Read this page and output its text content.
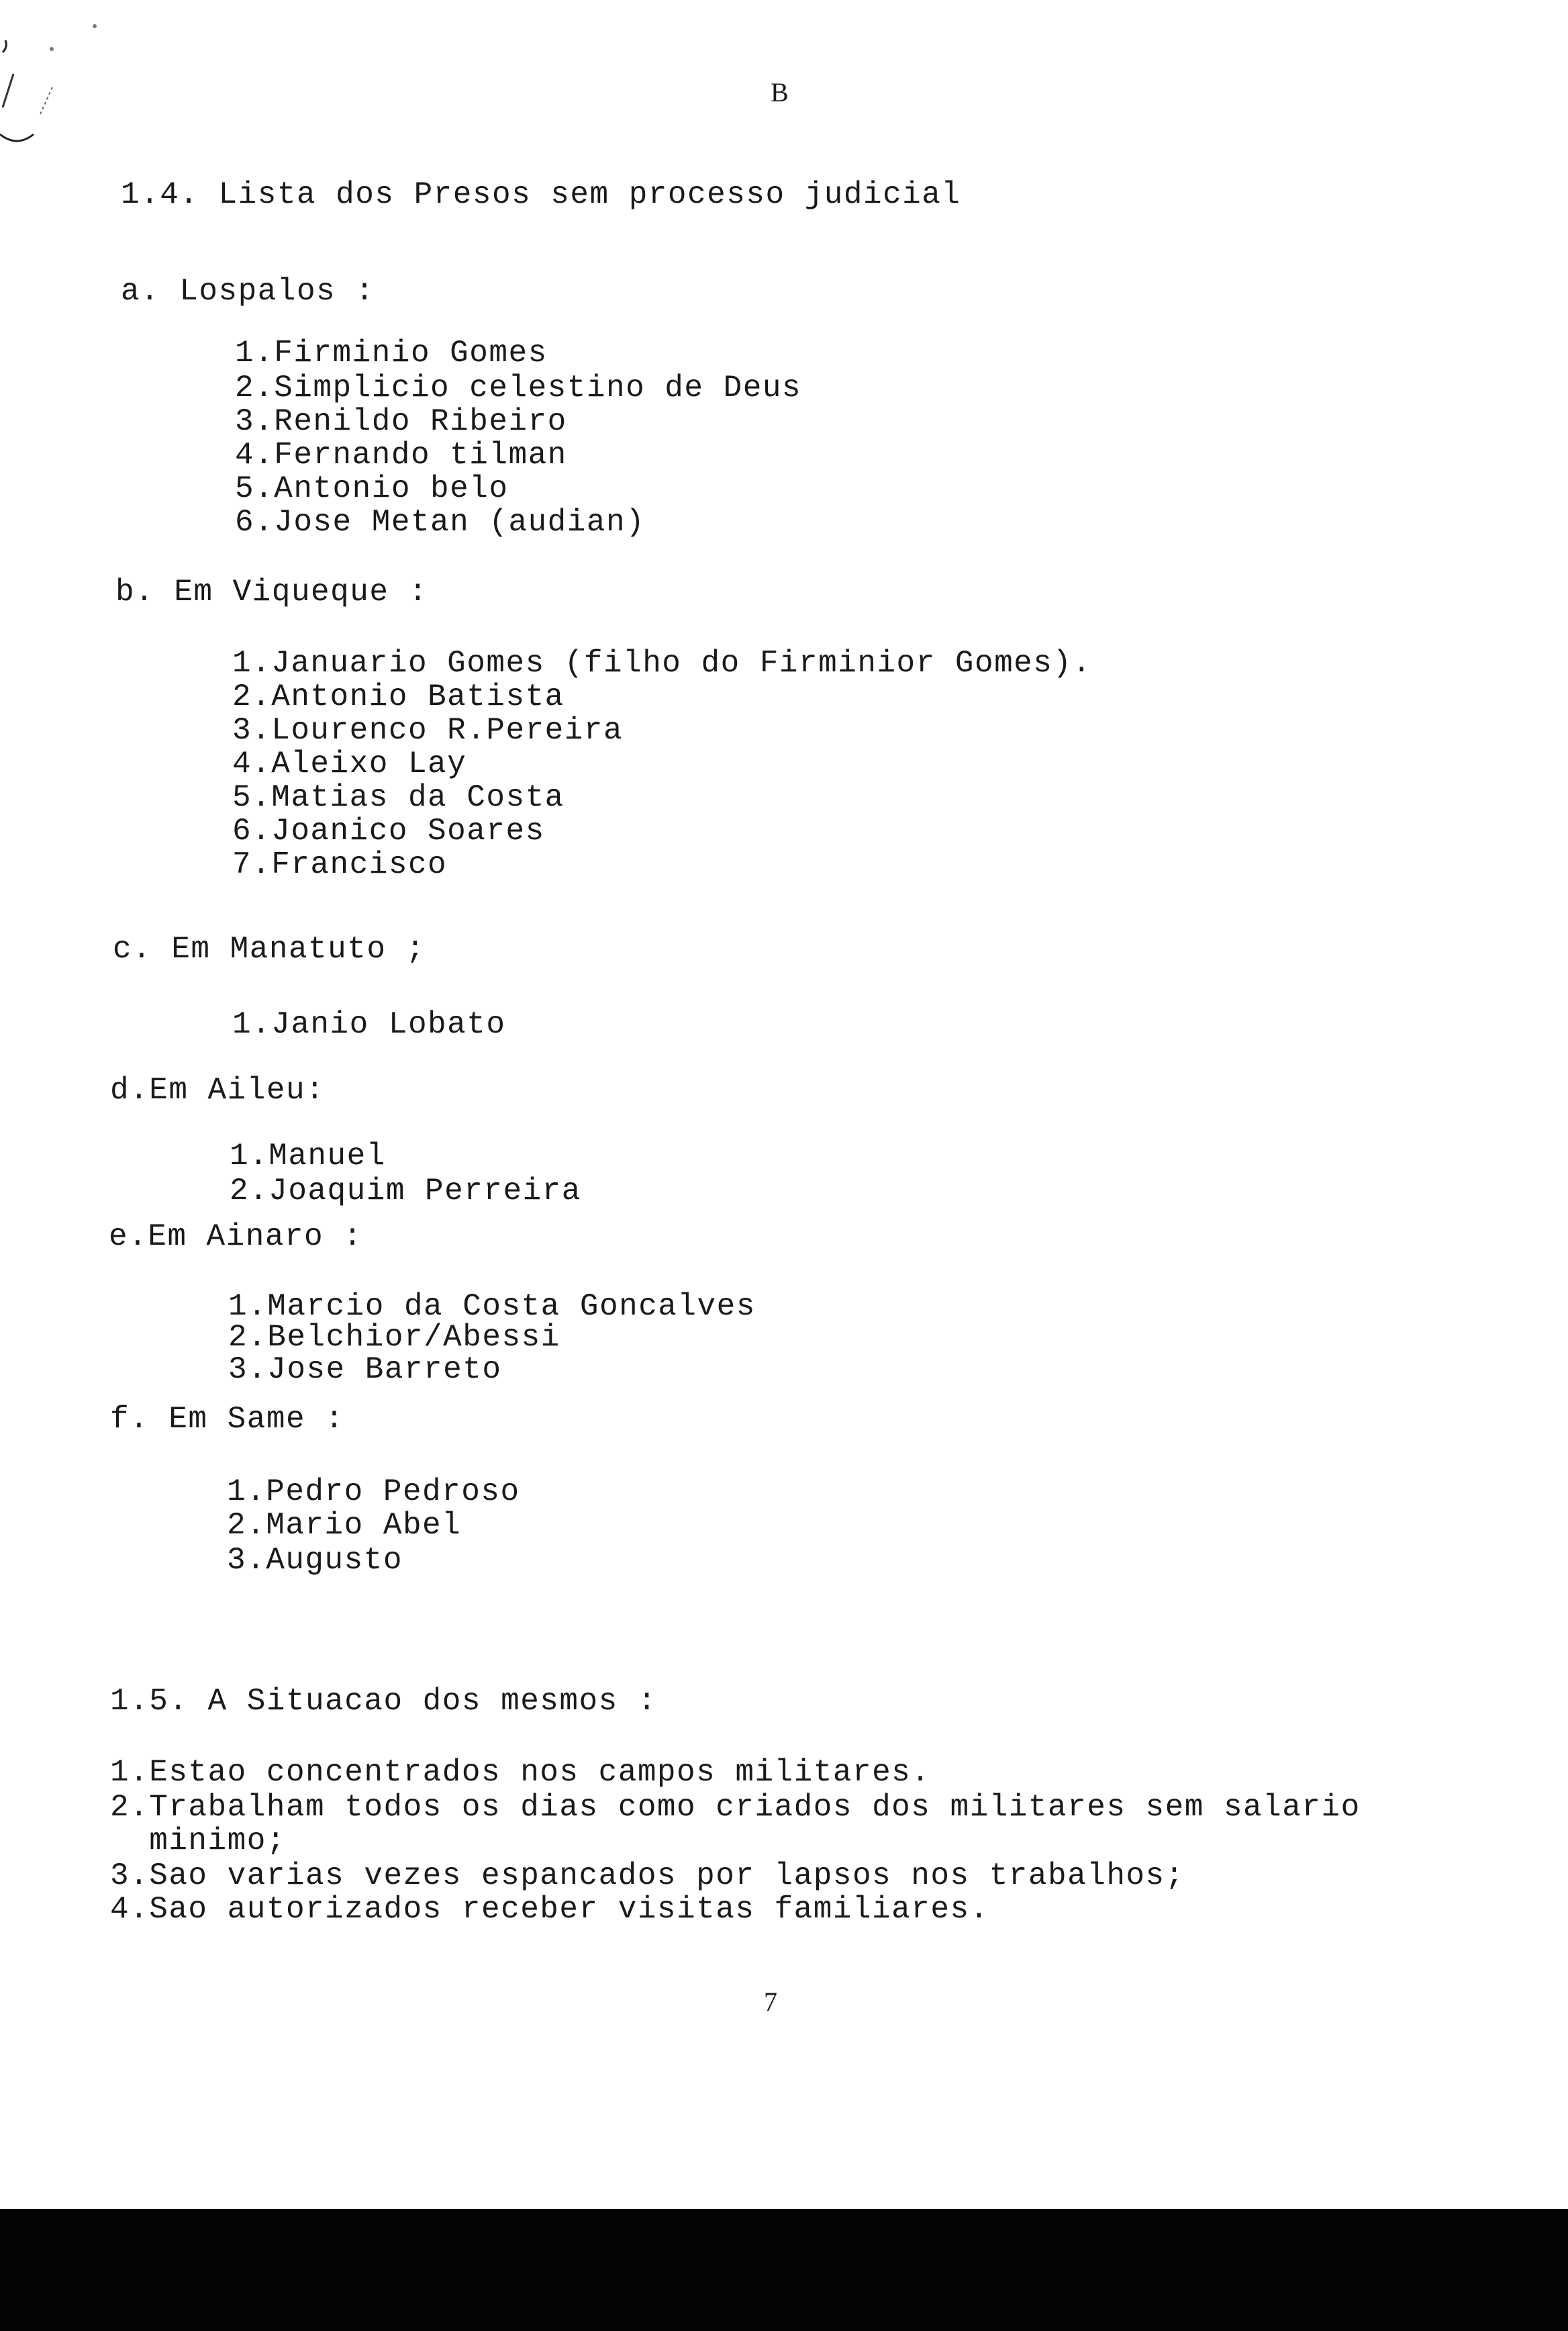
B
1.4. Lista dos Presos sem processo judicial
a. Lospalos :
1.Firminio Gomes
2.Simplicio celestino de Deus
3.Renildo Ribeiro
4.Fernando tilman
5.Antonio belo
6.Jose Metan (audian)
b. Em Viqueque :
1.Januario Gomes (filho do Firminior Gomes).
2.Antonio Batista
3.Lourenco R.Pereira
4.Aleixo Lay
5.Matias da Costa
6.Joanico Soares
7.Francisco
c. Em Manatuto ;
1.Janio Lobato
d.Em Aileu:
1.Manuel
2.Joaquim Perreira
e.Em Ainaro :
1.Marcio da Costa Goncalves
2.Belchior/Abessi
3.Jose Barreto
f. Em Same :
1.Pedro Pedroso
2.Mario Abel
3.Augusto
1.5. A Situacao dos mesmos :
1.Estao concentrados nos campos militares.
2.Trabalham todos os dias como criados dos militares sem salario
minimo;
3.Sao varias vezes espancados por lapsos nos trabalhos;
4.Sao autorizados receber visitas familiares.
7
